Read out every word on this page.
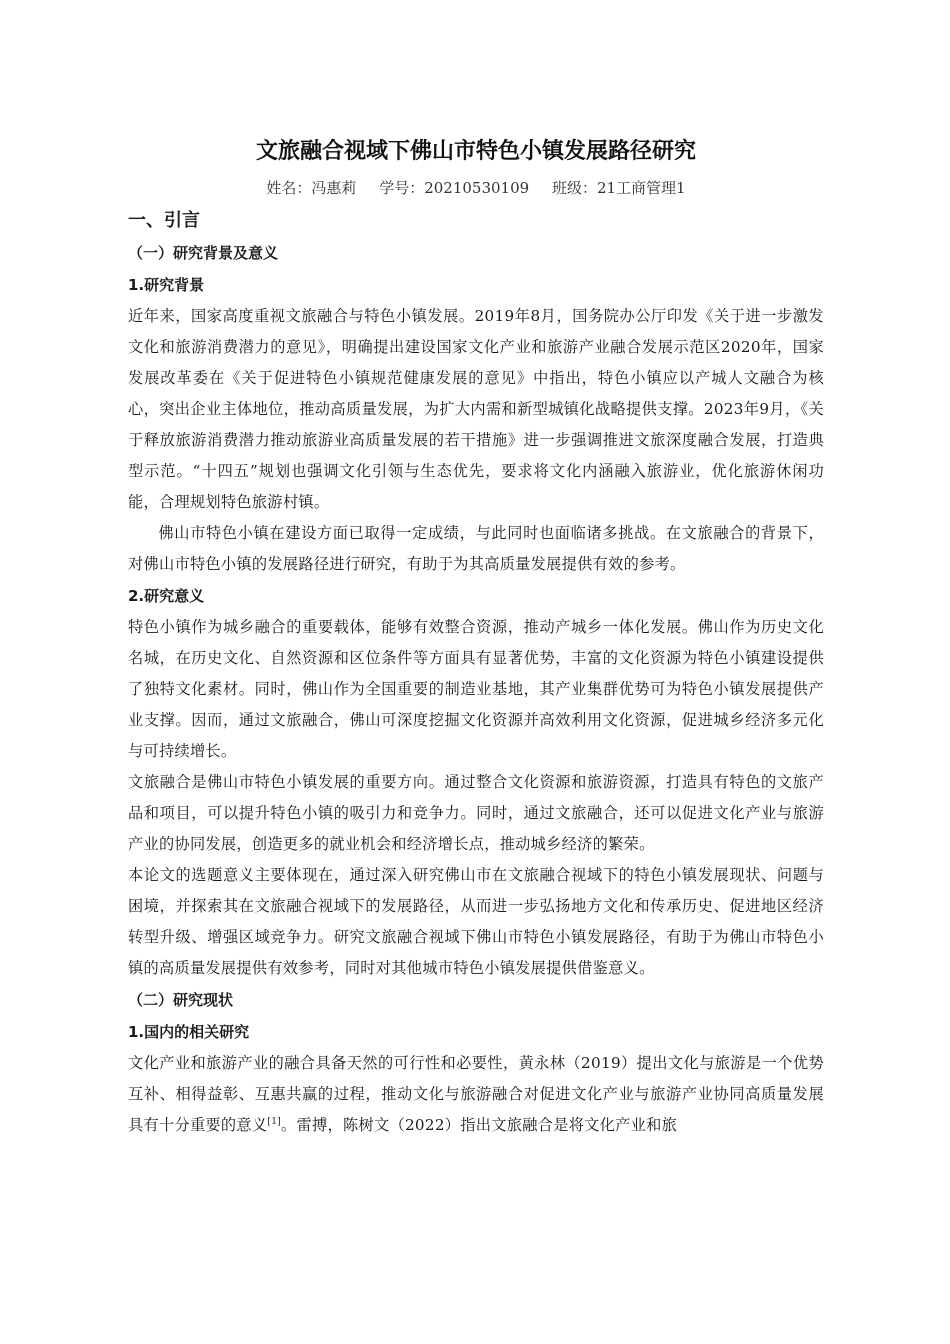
文旅融合视域下佛山市特色小镇发展路径研究
姓名：冯惠莉 学号：20210530109 班级：21工商管理1
一、引言
（一）研究背景及意义
1.研究背景

近年来，国家高度重视文旅融合与特色小镇发展。2019年8月，国务院办公厅印发《关于进一步激发文化和旅游消费潜力的意见》，明确提出建设国家文化产业和旅游产业融合发展示范区2020年，国家发展改革委在《关于促进特色小镇规范健康发展的意见》中指出，特色小镇应以产城人文融合为核心，突出企业主体地位，推动高质量发展，为扩大内需和新型城镇化战略提供支撑。2023年9月，《关于释放旅游消费潜力推动旅游业高质量发展的若干措施》进一步强调推进文旅深度融合发展，打造典型示范。“十四五”规划也强调文化引领与生态优先，要求将文化内涵融入旅游业，优化旅游休闲功能，合理规划特色旅游村镇。

佛山市特色小镇在建设方面已取得一定成绩，与此同时也面临诸多挑战。在文旅融合的背景下，对佛山市特色小镇的发展路径进行研究，有助于为其高质量发展提供有效的参考。

2.研究意义

特色小镇作为城乡融合的重要载体，能够有效整合资源，推动产城乡一体化发展。佛山作为历史文化名城，在历史文化、自然资源和区位条件等方面具有显著优势，丰富的文化资源为特色小镇建设提供了独特文化素材。同时，佛山作为全国重要的制造业基地，其产业集群优势可为特色小镇发展提供产业支撑。因而，通过文旅融合，佛山可深度挖掘文化资源并高效利用文化资源，促进城乡经济多元化与可持续增长。

文旅融合是佛山市特色小镇发展的重要方向。通过整合文化资源和旅游资源，打造具有特色的文旅产品和项目，可以提升特色小镇的吸引力和竞争力。同时，通过文旅融合，还可以促进文化产业与旅游产业的协同发展，创造更多的就业机会和经济增长点，推动城乡经济的繁荣。

本论文的选题意义主要体现在，通过深入研究佛山市在文旅融合视域下的特色小镇发展现状、问题与困境，并探索其在文旅融合视域下的发展路径，从而进一步弘扬地方文化和传承历史、促进地区经济转型升级、增强区域竞争力。研究文旅融合视域下佛山市特色小镇发展路径，有助于为佛山市特色小镇的高质量发展提供有效参考，同时对其他城市特色小镇发展提供借鉴意义。

（二）研究现状
1.国内的相关研究

文化产业和旅游产业的融合具备天然的可行性和必要性，黄永林（2019）提出文化与旅游是一个优势互补、相得益彰、互惠共赢的过程，推动文化与旅游融合对促进文化产业与旅游产业协同高质量发展具有十分重要的意义[1]。雷搏，陈树文（2022）指出文旅融合是将文化产业和旅
